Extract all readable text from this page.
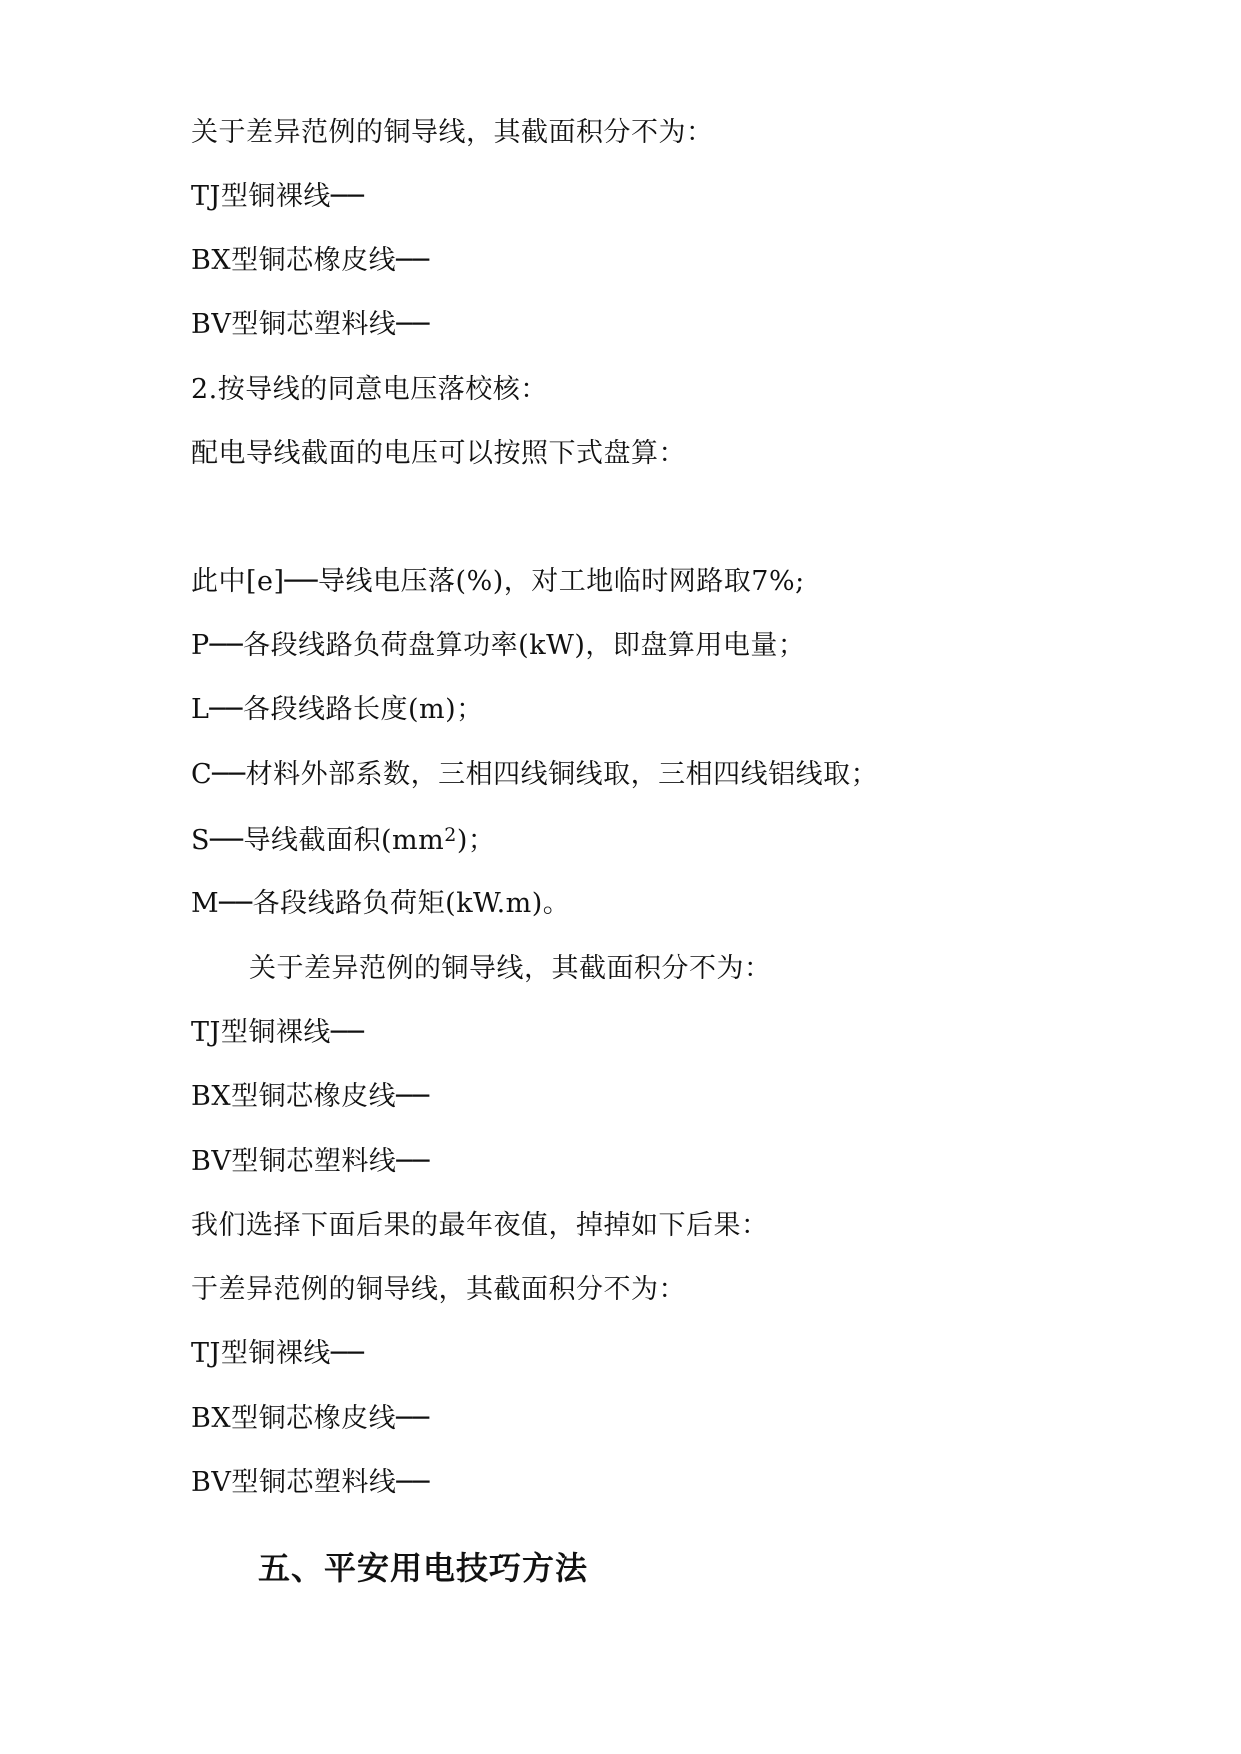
关于差异范例的铜导线，其截面积分不为：
TJ型铜裸线──
BX型铜芯橡皮线──
BV型铜芯塑料线──
2.按导线的同意电压落校核：
配电导线截面的电压可以按照下式盘算：
此中[e]──导线电压落(%)，对工地临时网路取7%;
P──各段线路负荷盘算功率(kW)，即盘算用电量；
L──各段线路长度(m)；
C──材料外部系数，三相四线铜线取，三相四线铝线取；
S──导线截面积$(mm^2)$；
M──各段线路负荷矩(kW.m)。
关于差异范例的铜导线，其截面积分不为：
TJ型铜裸线──
BX型铜芯橡皮线──
BV型铜芯塑料线──
我们选择下面后果的最年夜值，掉掉如下后果：
于差异范例的铜导线，其截面积分不为：
TJ型铜裸线──
BX型铜芯橡皮线──
BV型铜芯塑料线──
五、平安用电技巧方法
